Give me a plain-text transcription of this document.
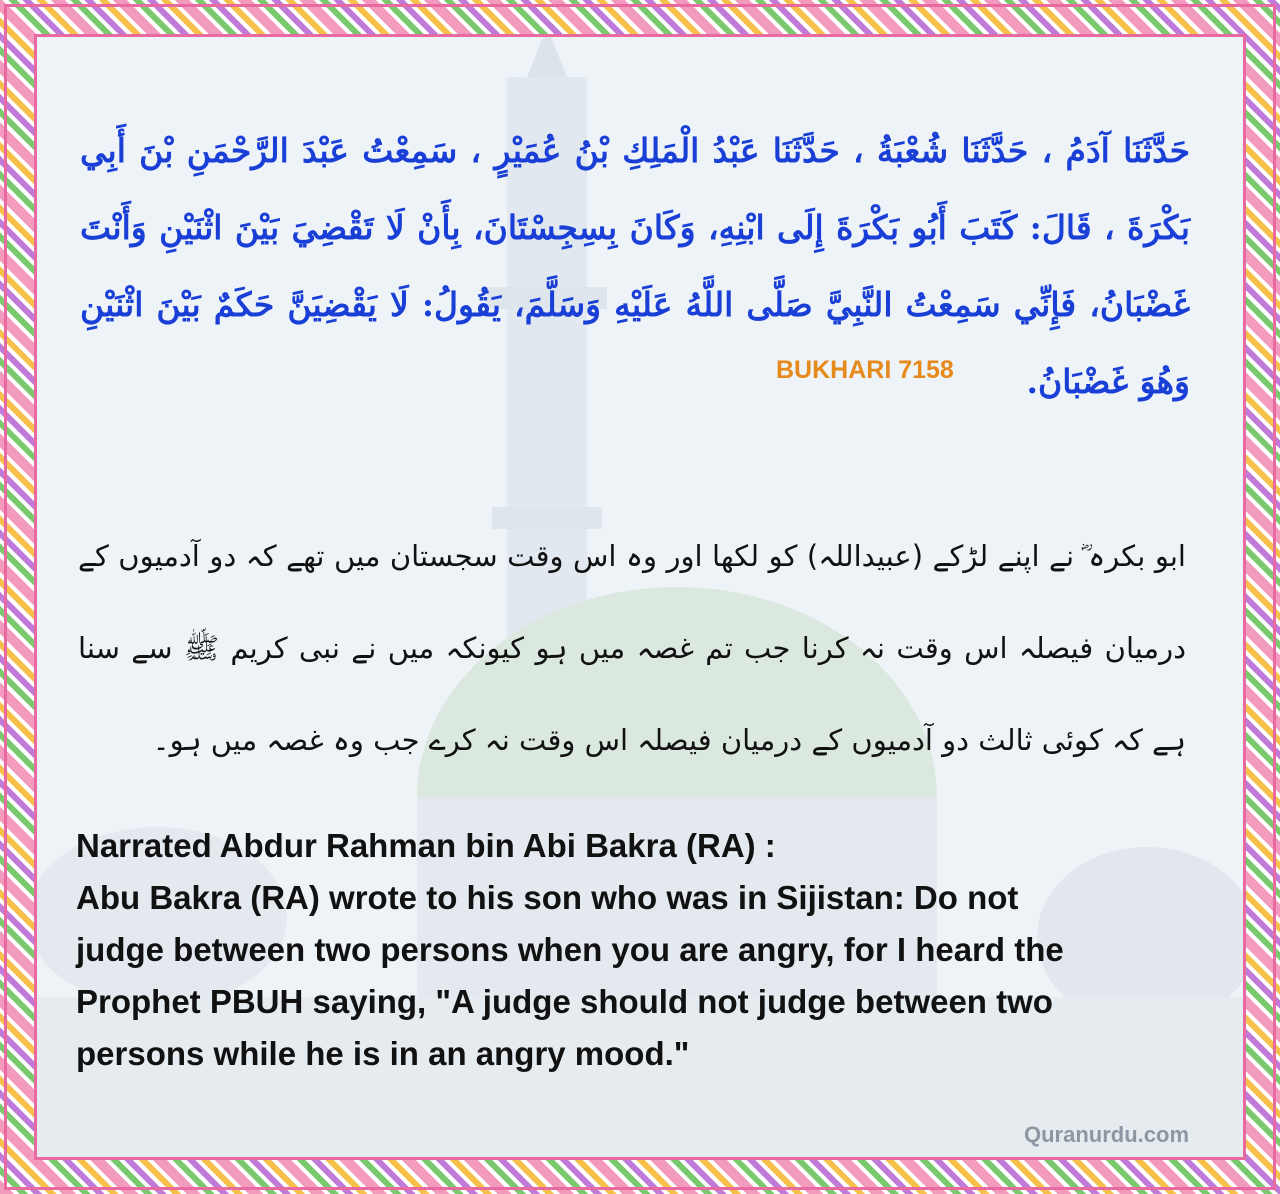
حَدَّثَنَا آدَمُ ، حَدَّثَنَا شُعْبَةُ ، حَدَّثَنَا عَبْدُ الْمَلِكِ بْنُ عُمَيْرٍ ، سَمِعْتُ عَبْدَ الرَّحْمَنِ بْنَ أَبِي بَكْرَةَ ، قَالَ: كَتَبَ أَبُو بَكْرَةَ إِلَى ابْنِهِ، وَكَانَ بِسِجِسْتَانَ، بِأَنْ لَا تَقْضِيَ بَيْنَ اثْنَيْنِ وَأَنْتَ غَضْبَانُ، فَإِنِّي سَمِعْتُ النَّبِيَّ صَلَّى اللَّهُ عَلَيْهِ وَسَلَّمَ، يَقُولُ: لَا يَقْضِيَنَّ حَكَمٌ بَيْنَ اثْنَيْنِ وَهُوَ غَضْبَانُ.
BUKHARI 7158
ابو بکرہ ؓ نے اپنے لڑکے (عبیداللہ) کو لکھا اور وہ اس وقت سجستان میں تھے کہ دو آدمیوں کے درمیان فیصلہ اس وقت نہ کرنا جب تم غصہ میں ہو کیونکہ میں نے نبی کریم ﷺ سے سنا ہے کہ کوئی ثالث دو آدمیوں کے درمیان فیصلہ اس وقت نہ کرے جب وہ غصہ میں ہو۔
Narrated Abdur Rahman bin Abi Bakra (RA) :
Abu Bakra (RA) wrote to his son who was in Sijistan: Do not
judge between two persons when you are angry, for I heard the
Prophet PBUH saying, "A judge should not judge between two
persons while he is in an angry mood."
Quranurdu.com
